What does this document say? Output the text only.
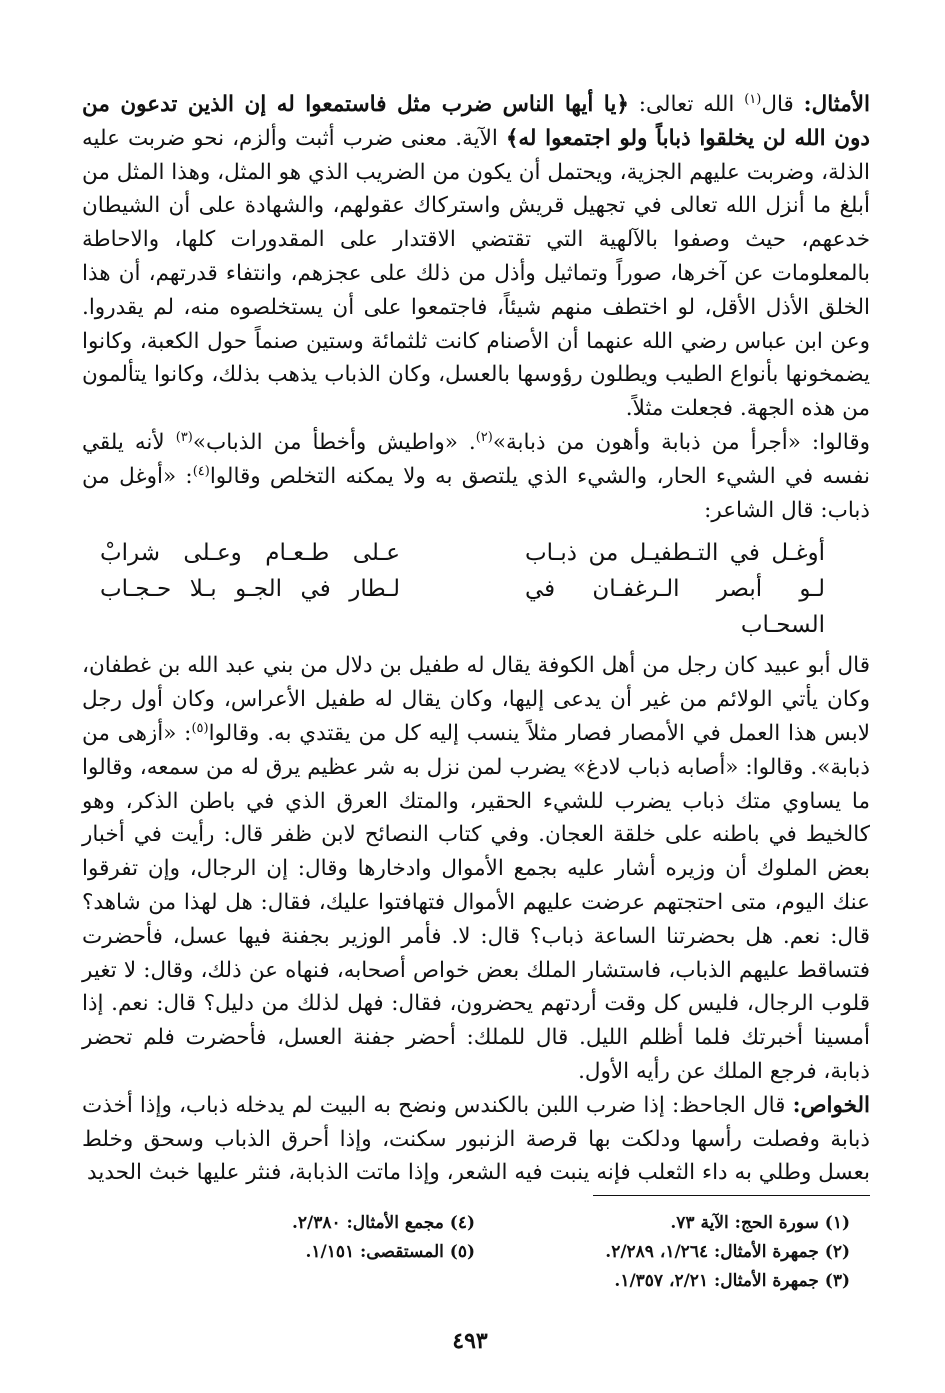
الأمثال: قال$^{(١)}$ الله تعالى: ﴿يا أيها الناس ضرب مثل فاستمعوا له إن الذين تدعون من دون الله لن يخلقوا ذباباً ولو اجتمعوا له﴾ الآية. معنى ضرب أثبت وألزم، نحو ضربت عليه الذلة، وضربت عليهم الجزية، ويحتمل أن يكون من الضريب الذي هو المثل، وهذا المثل من أبلغ ما أنزل الله تعالى في تجهيل قريش واستركاك عقولهم، والشهادة على أن الشيطان خدعهم، حيث وصفوا بالآلهية التي تقتضي الاقتدار على المقدورات كلها، والاحاطة بالمعلومات عن آخرها، صوراً وتماثيل وأذل من ذلك على عجزهم، وانتفاء قدرتهم، أن هذا الخلق الأذل الأقل، لو اختطف منهم شيئاً، فاجتمعوا على أن يستخلصوه منه، لم يقدروا. وعن ابن عباس رضي الله عنهما أن الأصنام كانت ثلثمائة وستين صنماً حول الكعبة، وكانوا يضمخونها بأنواع الطيب ويطلون رؤوسها بالعسل، وكان الذباب يذهب بذلك، وكانوا يتألمون من هذه الجهة. فجعلت مثلاً.

وقالوا: «أجرأ من ذبابة وأهون من ذبابة»$^{(٢)}$. «واطيش وأخطأ من الذباب»$^{(٣)}$ لأنه يلقي نفسه في الشيء الحار، والشيء الذي يلتصق به ولا يمكنه التخلص وقالوا$^{(٤)}$: «أوغل من ذباب: قال الشاعر:

أوغـل في التـطفيـل من ذبـاب
عـلى طـعـام وعـلى شرابْ
لـو أبصر الـرغفـان في السحـاب
لـطار في الجـو بـلا حـجـاب

قال أبو عبيد كان رجل من أهل الكوفة يقال له طفيل بن دلال من بني عبد الله بن غطفان، وكان يأتي الولائم من غير أن يدعى إليها، وكان يقال له طفيل الأعراس، وكان أول رجل لابس هذا العمل في الأمصار فصار مثلاً ينسب إليه كل من يقتدي به. وقالوا$^{(٥)}$: «أزهى من ذبابة». وقالوا: «أصابه ذباب لادغ» يضرب لمن نزل به شر عظيم يرق له من سمعه، وقالوا ما يساوي متك ذباب يضرب للشيء الحقير، والمتك العرق الذي في باطن الذكر، وهو كالخيط في باطنه على خلقة العجان. وفي كتاب النصائح لابن ظفر قال: رأيت في أخبار بعض الملوك أن وزيره أشار عليه بجمع الأموال وادخارها وقال: إن الرجال، وإن تفرقوا عنك اليوم، متى احتجتهم عرضت عليهم الأموال فتهافتوا عليك، فقال: هل لهذا من شاهد؟ قال: نعم. هل بحضرتنا الساعة ذباب؟ قال: لا. فأمر الوزير بجفنة فيها عسل، فأحضرت فتساقط عليهم الذباب، فاستشار الملك بعض خواص أصحابه، فنهاه عن ذلك، وقال: لا تغير قلوب الرجال، فليس كل وقت أردتهم يحضرون، فقال: فهل لذلك من دليل؟ قال: نعم. إذا أمسينا أخبرتك فلما أظلم الليل. قال للملك: أحضر جفنة العسل، فأحضرت فلم تحضر ذبابة، فرجع الملك عن رأيه الأول.

الخواص: قال الجاحظ: إذا ضرب اللبن بالكندس ونضح به البيت لم يدخله ذباب، وإذا أخذت ذبابة وفصلت رأسها ودلكت بها قرصة الزنبور سكنت، وإذا أحرق الذباب وسحق وخلط بعسل وطلي به داء الثعلب فإنه ينبت فيه الشعر، وإذا ماتت الذبابة، فنثر عليها خبث الحديد

(١) سورة الحج: الآية ٧٣.

(٢) جمهرة الأمثال: ١/٢٦٤، ٢/٢٨٩.

(٣) جمهرة الأمثال: ٢/٢١، ١/٣٥٧.

(٤) مجمع الأمثال: ٢/٣٨٠.

(٥) المستقصى: ١/١٥١.

٤٩٣
